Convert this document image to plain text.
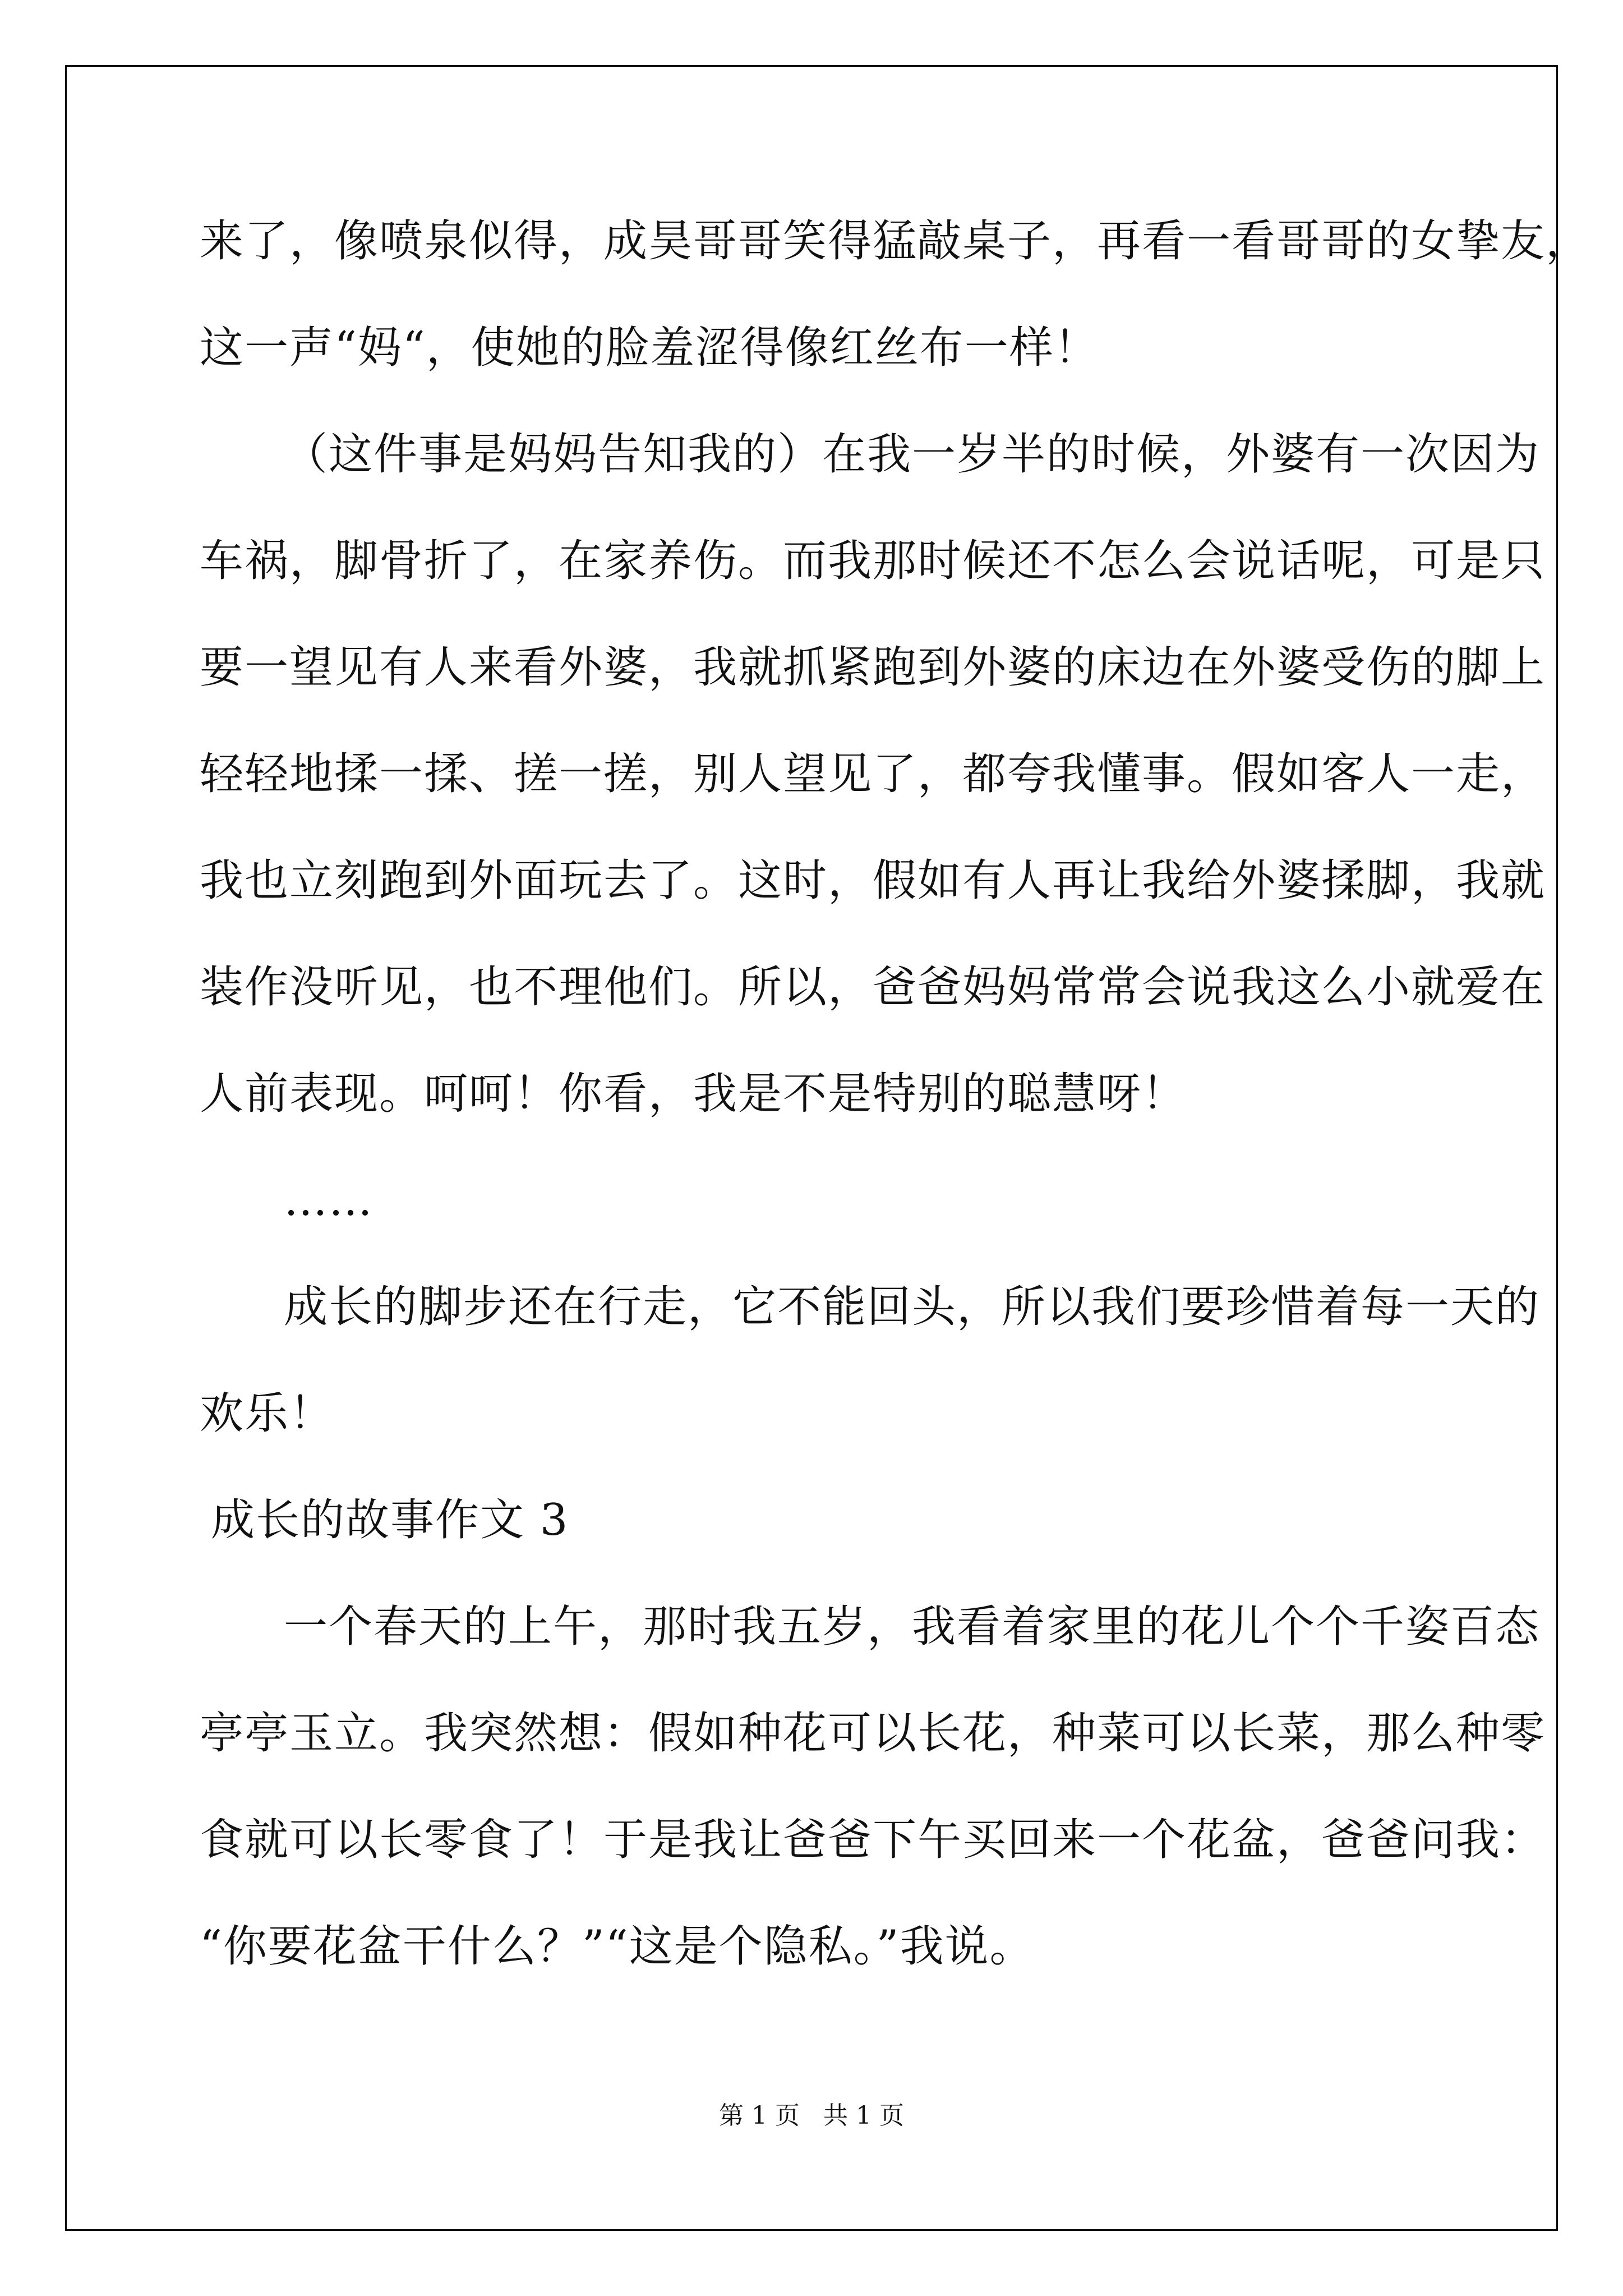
来了，像喷泉似得，成昊哥哥笑得猛敲桌子，再看一看哥哥的女挚友，
这一声“妈“，使她的脸羞涩得像红丝布一样！
（这件事是妈妈告知我的）在我一岁半的时候，外婆有一次因为
车祸，脚骨折了，在家养伤。而我那时候还不怎么会说话呢，可是只
要一望见有人来看外婆，我就抓紧跑到外婆的床边在外婆受伤的脚上
轻轻地揉一揉、搓一搓，别人望见了，都夸我懂事。假如客人一走，
我也立刻跑到外面玩去了。这时，假如有人再让我给外婆揉脚，我就
装作没听见，也不理他们。所以，爸爸妈妈常常会说我这么小就爱在
人前表现。呵呵！你看，我是不是特别的聪慧呀！
……
成长的脚步还在行走，它不能回头，所以我们要珍惜着每一天的
欢乐！
成长的故事作文 3
一个春天的上午，那时我五岁，我看着家里的花儿个个千姿百态
亭亭玉立。我突然想：假如种花可以长花，种菜可以长菜，那么种零
食就可以长零食了！于是我让爸爸下午买回来一个花盆，爸爸问我：
“你要花盆干什么？”“这是个隐私。”我说。
第 1 页 共 1 页
